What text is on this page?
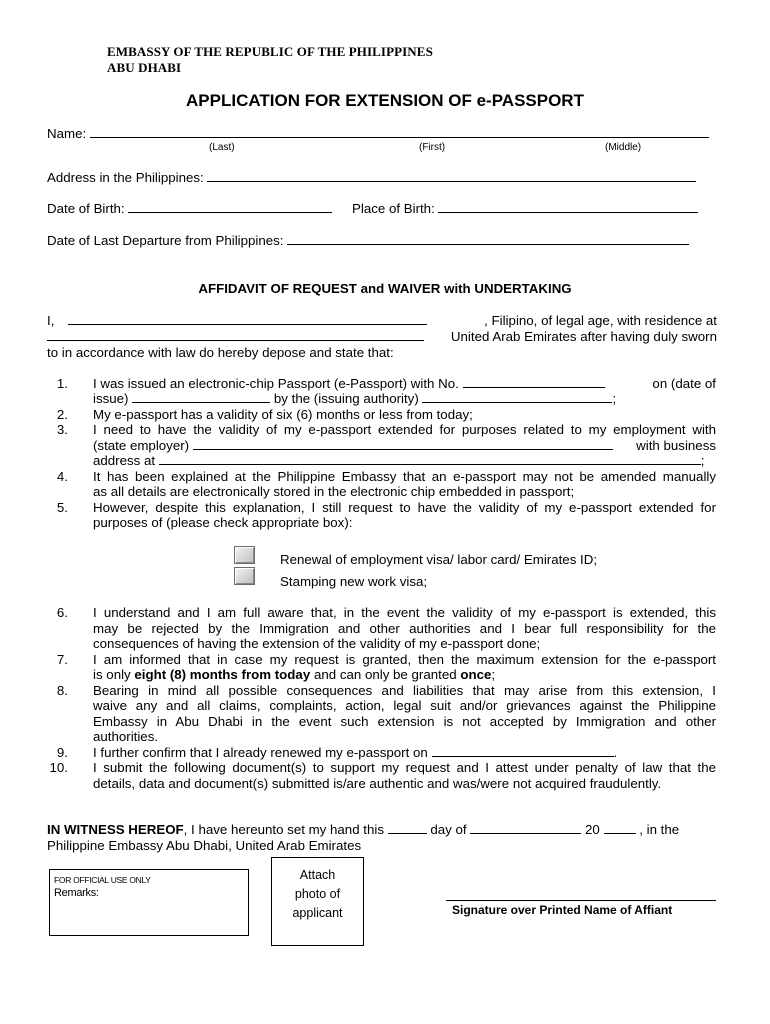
EMBASSY OF THE REPUBLIC OF THE PHILIPPINES
ABU DHABI
APPLICATION FOR EXTENSION OF e-PASSPORT
Name:
(Last)	(First)	(Middle)
Address in the Philippines:
Date of Birth:	Place of Birth:
Date of Last Departure from Philippines:
AFFIDAVIT OF REQUEST and WAIVER with UNDERTAKING
I,	, Filipino, of legal age, with residence at
United Arab Emirates after having duly sworn
to in accordance with law do hereby depose and state that:
1. I was issued an electronic-chip Passport (e-Passport) with No.	on (date of
issue)	by the (issuing authority)	;
2. My e-passport has a validity of six (6) months or less from today;
3. I need to have the validity of my e-passport extended for purposes related to my employment with
(state employer)	with business
address at	;
4. It has been explained at the Philippine Embassy that an e-passport may not be amended manually
as all details are electronically stored in the electronic chip embedded in passport;
5. However, despite this explanation, I still request to have the validity of my e-passport extended for
purposes of (please check appropriate box):
Renewal of employment visa/ labor card/ Emirates ID;
Stamping new work visa;
6. I understand and I am full aware that, in the event the validity of my e-passport is extended, this
may be rejected by the Immigration and other authorities and I bear full responsibility for the
consequences of having the extension of the validity of my e-passport done;
7. I am informed that in case my request is granted, then the maximum extension for the e-passport
is only eight (8) months from today and can only be granted once;
8. Bearing in mind all possible consequences and liabilities that may arise from this extension, I
waive any and all claims, complaints, action, legal suit and/or grievances against the Philippine
Embassy in Abu Dhabi in the event such extension is not accepted by Immigration and other
authorities.
9. I further confirm that I already renewed my e-passport on	.
10. I submit the following document(s) to support my request and I attest under penalty of law that the
details, data and document(s) submitted is/are authentic and was/were not acquired fraudulently.
IN WITNESS HEREOF, I have hereunto set my hand this	day of	20	, in the
Philippine Embassy Abu Dhabi, United Arab Emirates
FOR OFFICIAL USE ONLY
Remarks:
Attach
photo of
applicant	Signature over Printed Name of Affiant
